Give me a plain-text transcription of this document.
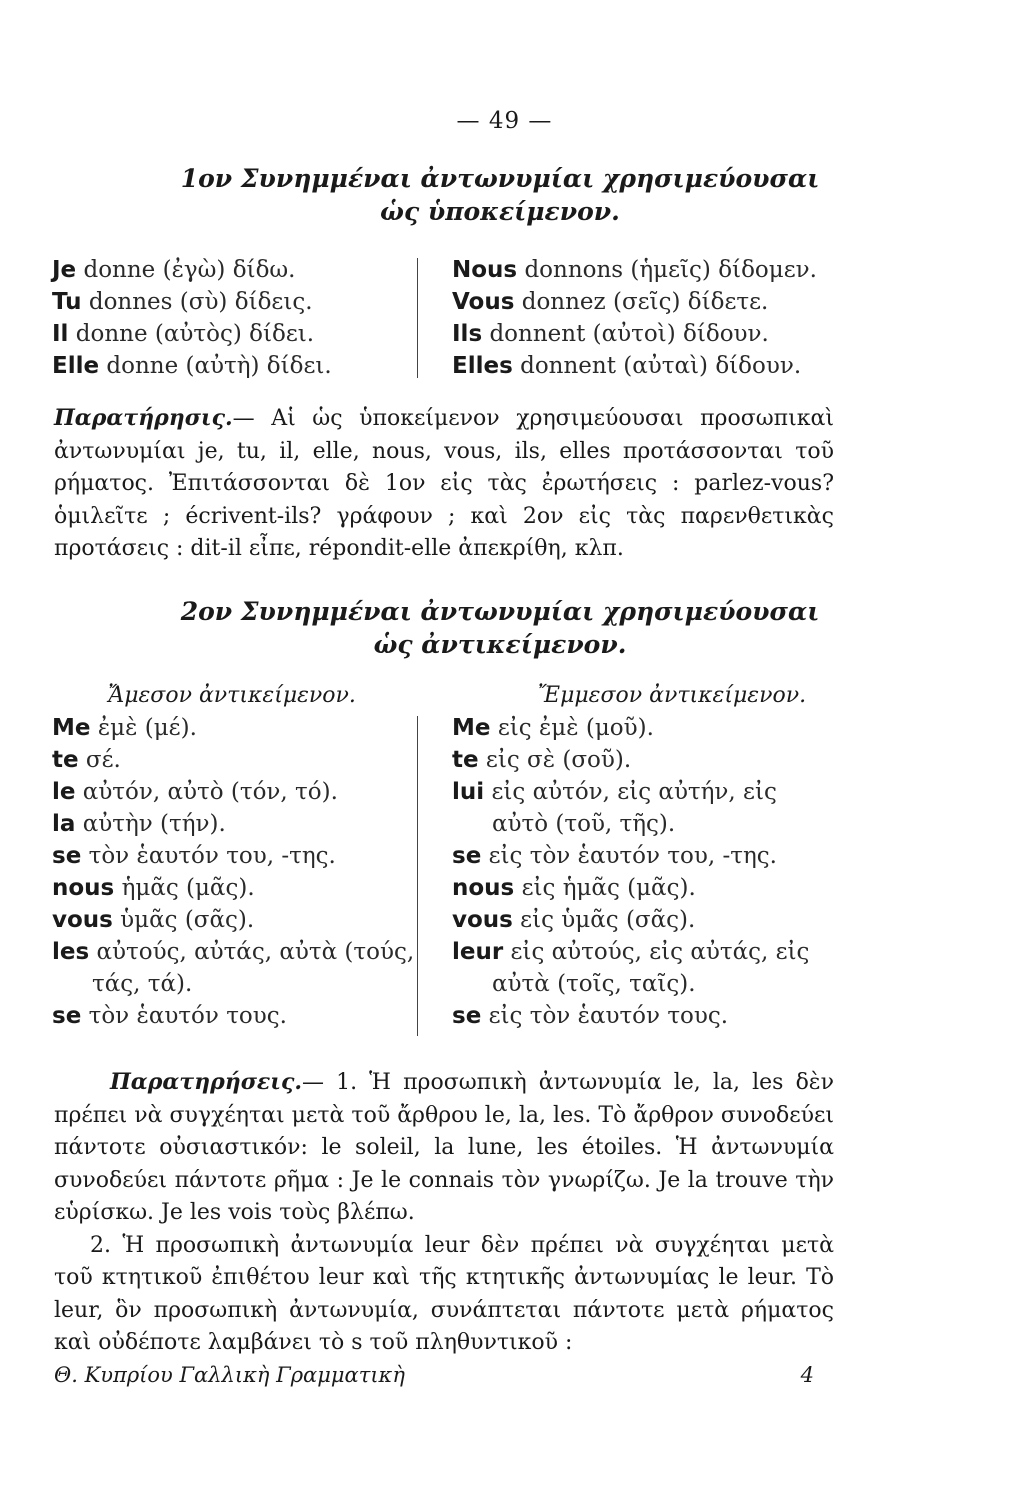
— 49 —
1ον Συνημμέναι ἀντωνυμίαι χρησιμεύουσαι
ὡς ὑποκείμενον.
Je donne (ἐγὼ) δίδω.
Tu donnes (σὺ) δίδεις.
Il donne (αὐτὸς) δίδει.
Elle donne (αὐτὴ) δίδει.
Nous donnons (ἡμεῖς) δίδομεν.
Vous donnez (σεῖς) δίδετε.
Ils donnent (αὐτοὶ) δίδουν.
Elles donnent (αὐταὶ) δίδουν.

Παρατήρησις.— Αἱ ὡς ὑποκείμενον χρησιμεύουσαι προσωπικαὶ ἀντωνυμίαι je, tu, il, elle, nous, vous, ils, elles προτάσσονται τοῦ ρήματος. Ἐπιτάσσονται δὲ 1ον εἰς τὰς ἐρωτήσεις : parlez-vous? ὁμιλεῖτε ; écrivent-ils? γράφουν ; καὶ 2ον εἰς τὰς παρενθετικὰς προτάσεις : dit-il εἶπε, répondit-elle ἀπεκρίθη, κλπ.

2ον Συνημμέναι ἀντωνυμίαι χρησιμεύουσαι
ὡς ἀντικείμενον.
Ἄμεσον ἀντικείμενον.
Me ἐμὲ (μέ).
te σέ.
le αὐτόν, αὐτὸ (τόν, τό).
la αὐτὴν (τήν).
se τὸν ἑαυτόν του, -της.
nous ἡμᾶς (μᾶς).
vous ὑμᾶς (σᾶς).
les αὐτούς, αὐτάς, αὐτὰ (τούς,
τάς, τά).
se τὸν ἑαυτόν τους.
Ἔμμεσον ἀντικείμενον.
Me εἰς ἐμὲ (μοῦ).
te εἰς σὲ (σοῦ).
lui εἰς αὐτόν, εἰς αὐτήν, εἰς
αὐτὸ (τοῦ, τῆς).
se εἰς τὸν ἑαυτόν του, -της.
nous εἰς ἡμᾶς (μᾶς).
vous εἰς ὑμᾶς (σᾶς).
leur εἰς αὐτούς, εἰς αὐτάς, εἰς
αὐτὰ (τοῖς, ταῖς).
se εἰς τὸν ἑαυτόν τους.

Παρατηρήσεις.— 1. Ἡ προσωπικὴ ἀντωνυμία le, la, les δὲν πρέπει νὰ συγχέηται μετὰ τοῦ ἄρθρου le, la, les. Τὸ ἄρθρον συνοδεύει πάντοτε οὐσιαστικόν: le soleil, la lune, les étoiles. Ἡ ἀντωνυμία συνοδεύει πάντοτε ρῆμα : Je le connais τὸν γνωρίζω. Je la trouve τὴν εὑρίσκω. Je les vois τοὺς βλέπω.

2. Ἡ προσωπικὴ ἀντωνυμία leur δὲν πρέπει νὰ συγχέηται μετὰ τοῦ κτητικοῦ ἐπιθέτου leur καὶ τῆς κτητικῆς ἀντωνυμίας le leur. Τὸ leur, ὃν προσωπικὴ ἀντωνυμία, συνάπτεται πάντοτε μετὰ ρήματος καὶ οὐδέποτε λαμβάνει τὸ s τοῦ πληθυντικοῦ :

Θ. Κυπρίου Γαλλικὴ Γραμματικὴ	4
